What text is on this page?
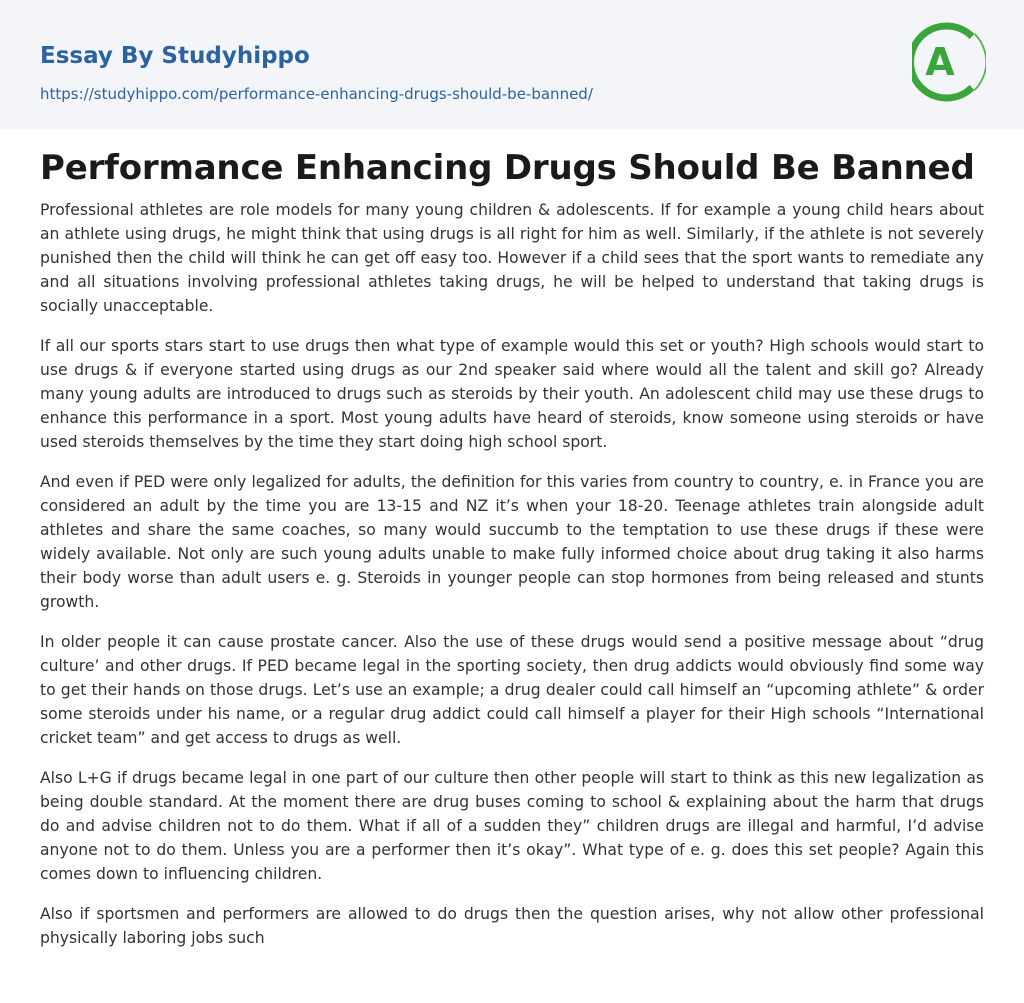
Essay By Studyhippo
https://studyhippo.com/performance-enhancing-drugs-should-be-banned/
A
Performance Enhancing Drugs Should Be Banned

Professional athletes are role models for many young children & adolescents. If for example a young child hears about an athlete using drugs, he might think that using drugs is all right for him as well. Similarly, if the athlete is not severely punished then the child will think he can get off easy too. However if a child sees that the sport wants to remediate any and all situations involving professional athletes taking drugs, he will be helped to understand that taking drugs is socially unacceptable.

If all our sports stars start to use drugs then what type of example would this set or youth? High schools would start to use drugs & if everyone started using drugs as our 2nd speaker said where would all the talent and skill go? Already many young adults are introduced to drugs such as steroids by their youth. An adolescent child may use these drugs to enhance this performance in a sport. Most young adults have heard of steroids, know someone using steroids or have used steroids themselves by the time they start doing high school sport.

And even if PED were only legalized for adults, the definition for this varies from country to country, e. in France you are considered an adult by the time you are 13-15 and NZ it’s when your 18-20. Teenage athletes train alongside adult athletes and share the same coaches, so many would succumb to the temptation to use these drugs if these were widely available. Not only are such young adults unable to make fully informed choice about drug taking it also harms their body worse than adult users e. g. Steroids in younger people can stop hormones from being released and stunts growth.

In older people it can cause prostate cancer. Also the use of these drugs would send a positive message about “drug culture’ and other drugs. If PED became legal in the sporting society, then drug addicts would obviously find some way to get their hands on those drugs. Let’s use an example; a drug dealer could call himself an “upcoming athlete” & order some steroids under his name, or a regular drug addict could call himself a player for their High schools “International cricket team” and get access to drugs as well.

Also L+G if drugs became legal in one part of our culture then other people will start to think as this new legalization as being double standard. At the moment there are drug buses coming to school & explaining about the harm that drugs do and advise children not to do them. What if all of a sudden they” children drugs are illegal and harmful, I’d advise anyone not to do them. Unless you are a performer then it’s okay”. What type of e. g. does this set people? Again this comes down to influencing children.

Also if sportsmen and performers are allowed to do drugs then the question arises, why not allow other professional physically laboring jobs such
